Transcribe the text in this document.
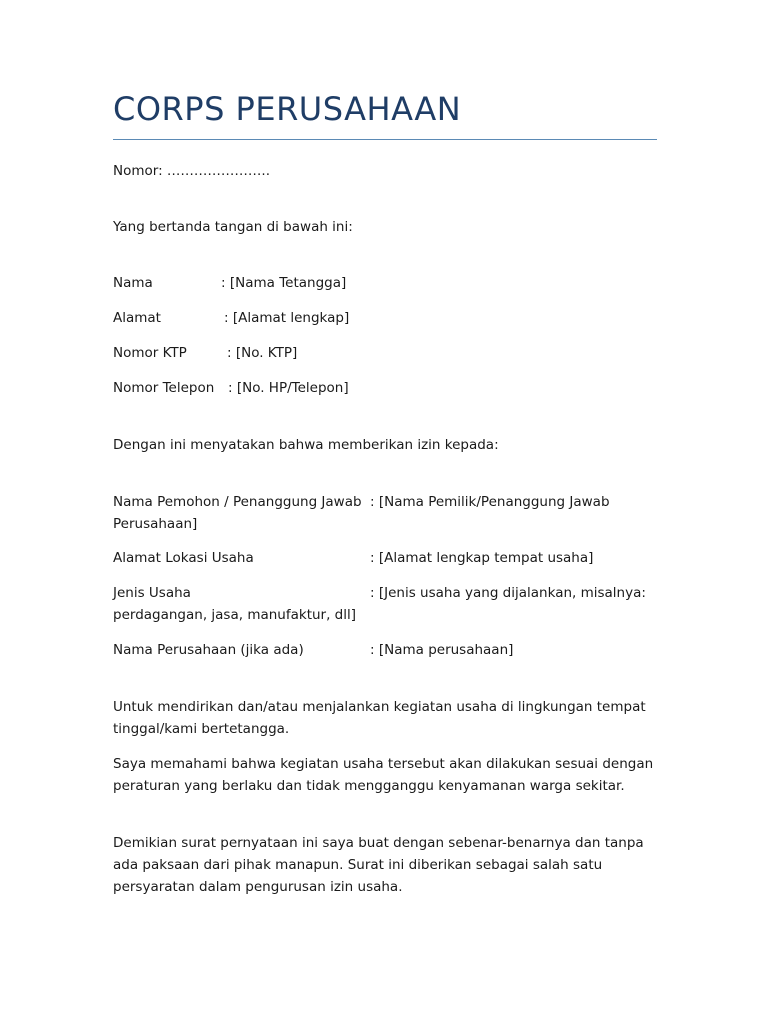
CORPS PERUSAHAAN
Nomor: …………………..
Yang bertanda tangan di bawah ini:
Nama	: [Nama Tetangga]
Alamat	: [Alamat lengkap]
Nomor KTP	: [No. KTP]
Nomor Telepon : [No. HP/Telepon]
Dengan ini menyatakan bahwa memberikan izin kepada:
Nama Pemohon / Penanggung Jawab : [Nama Pemilik/Penanggung Jawab
Perusahaan]
Alamat Lokasi Usaha	: [Alamat lengkap tempat usaha]
Jenis Usaha	: [Jenis usaha yang dijalankan, misalnya:
perdagangan, jasa, manufaktur, dll]
Nama Perusahaan (jika ada)	: [Nama perusahaan]
Untuk mendirikan dan/atau menjalankan kegiatan usaha di lingkungan tempat
tinggal/kami bertetangga.
Saya memahami bahwa kegiatan usaha tersebut akan dilakukan sesuai dengan
peraturan yang berlaku dan tidak mengganggu kenyamanan warga sekitar.
Demikian surat pernyataan ini saya buat dengan sebenar-benarnya dan tanpa
ada paksaan dari pihak manapun. Surat ini diberikan sebagai salah satu
persyaratan dalam pengurusan izin usaha.
